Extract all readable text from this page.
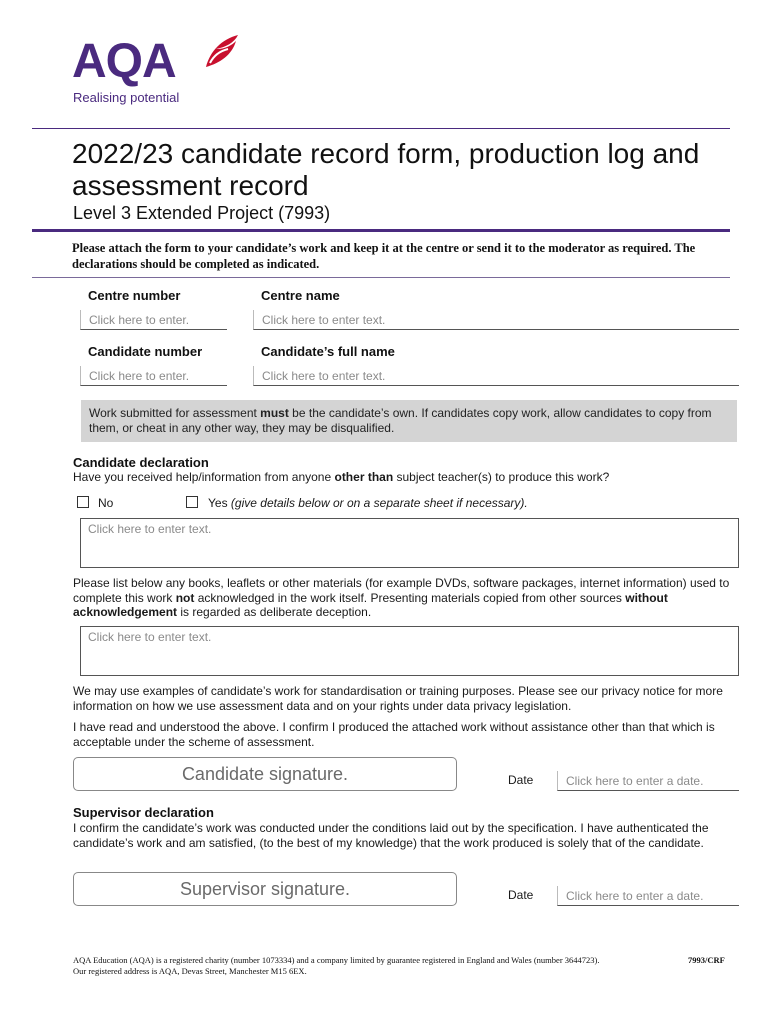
AQA
Realising potential
2022/23 candidate record form, production log and assessment record
Level 3 Extended Project (7993)
Please attach the form to your candidate’s work and keep it at the centre or send it to the moderator as required. The declarations should be completed as indicated.
Centre number
Click here to enter.
Centre name
Click here to enter text.
Candidate number
Click here to enter.
Candidate’s full name
Click here to enter text.
Work submitted for assessment must be the candidate’s own. If candidates copy work, allow candidates to copy from them, or cheat in any other way, they may be disqualified.
Candidate declaration
Have you received help/information from anyone other than subject teacher(s) to produce this work?
No	Yes (give details below or on a separate sheet if necessary).
Click here to enter text.
Please list below any books, leaflets or other materials (for example DVDs, software packages, internet information) used to complete this work not acknowledged in the work itself. Presenting materials copied from other sources without acknowledgement is regarded as deliberate deception.
Click here to enter text.
We may use examples of candidate’s work for standardisation or training purposes. Please see our privacy notice for more information on how we use assessment data and on your rights under data privacy legislation.
I have read and understood the above. I confirm I produced the attached work without assistance other than that which is acceptable under the scheme of assessment.
Candidate signature.	Date	Click here to enter a date.
Supervisor declaration
I confirm the candidate’s work was conducted under the conditions laid out by the specification. I have authenticated the candidate’s work and am satisfied, (to the best of my knowledge) that the work produced is solely that of the candidate.
Supervisor signature.	Date	Click here to enter a date.
AQA Education (AQA) is a registered charity (number 1073334) and a company limited by guarantee registered in England and Wales (number 3644723). Our registered address is AQA, Devas Street, Manchester M15 6EX.
7993/CRF
